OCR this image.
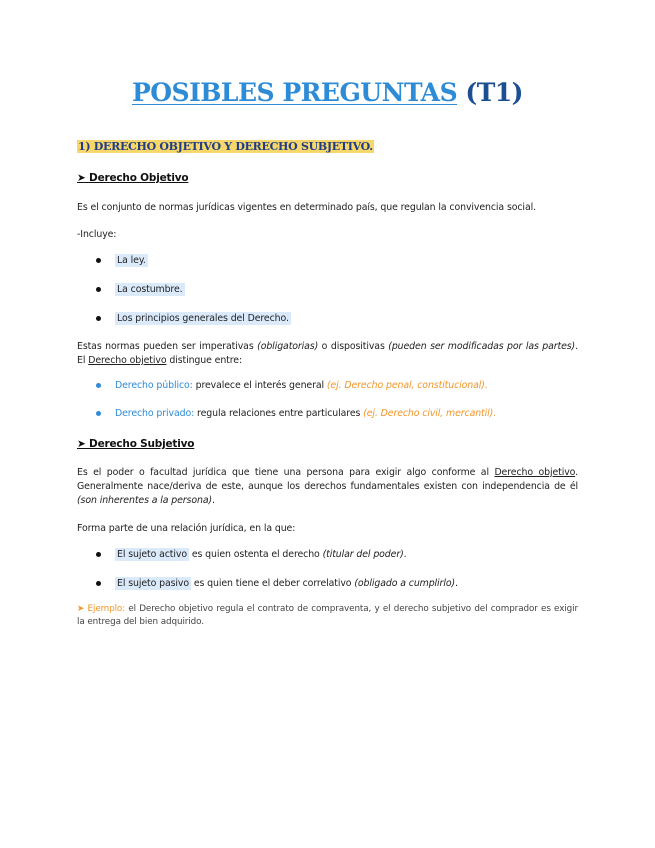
POSIBLES PREGUNTAS (T1)
1) DERECHO OBJETIVO Y DERECHO SUBJETIVO.
➤ Derecho Objetivo
Es el conjunto de normas jurídicas vigentes en determinado país, que regulan la convivencia social.
-Incluye:
La ley.
La costumbre.
Los principios generales del Derecho.
Estas normas pueden ser imperativas (obligatorias) o dispositivas (pueden ser modificadas por las partes). El Derecho objetivo distingue entre:
Derecho público: prevalece el interés general (ej. Derecho penal, constitucional).
Derecho privado: regula relaciones entre particulares (ej. Derecho civil, mercantil).
➤ Derecho Subjetivo
Es el poder o facultad jurídica que tiene una persona para exigir algo conforme al Derecho objetivo. Generalmente nace/deriva de este, aunque los derechos fundamentales existen con independencia de él (son inherentes a la persona).
Forma parte de una relación jurídica, en la que:
El sujeto activo es quien ostenta el derecho (titular del poder).
El sujeto pasivo es quien tiene el deber correlativo (obligado a cumplirlo).
➤ Ejemplo: el Derecho objetivo regula el contrato de compraventa, y el derecho subjetivo del comprador es exigir la entrega del bien adquirido.
